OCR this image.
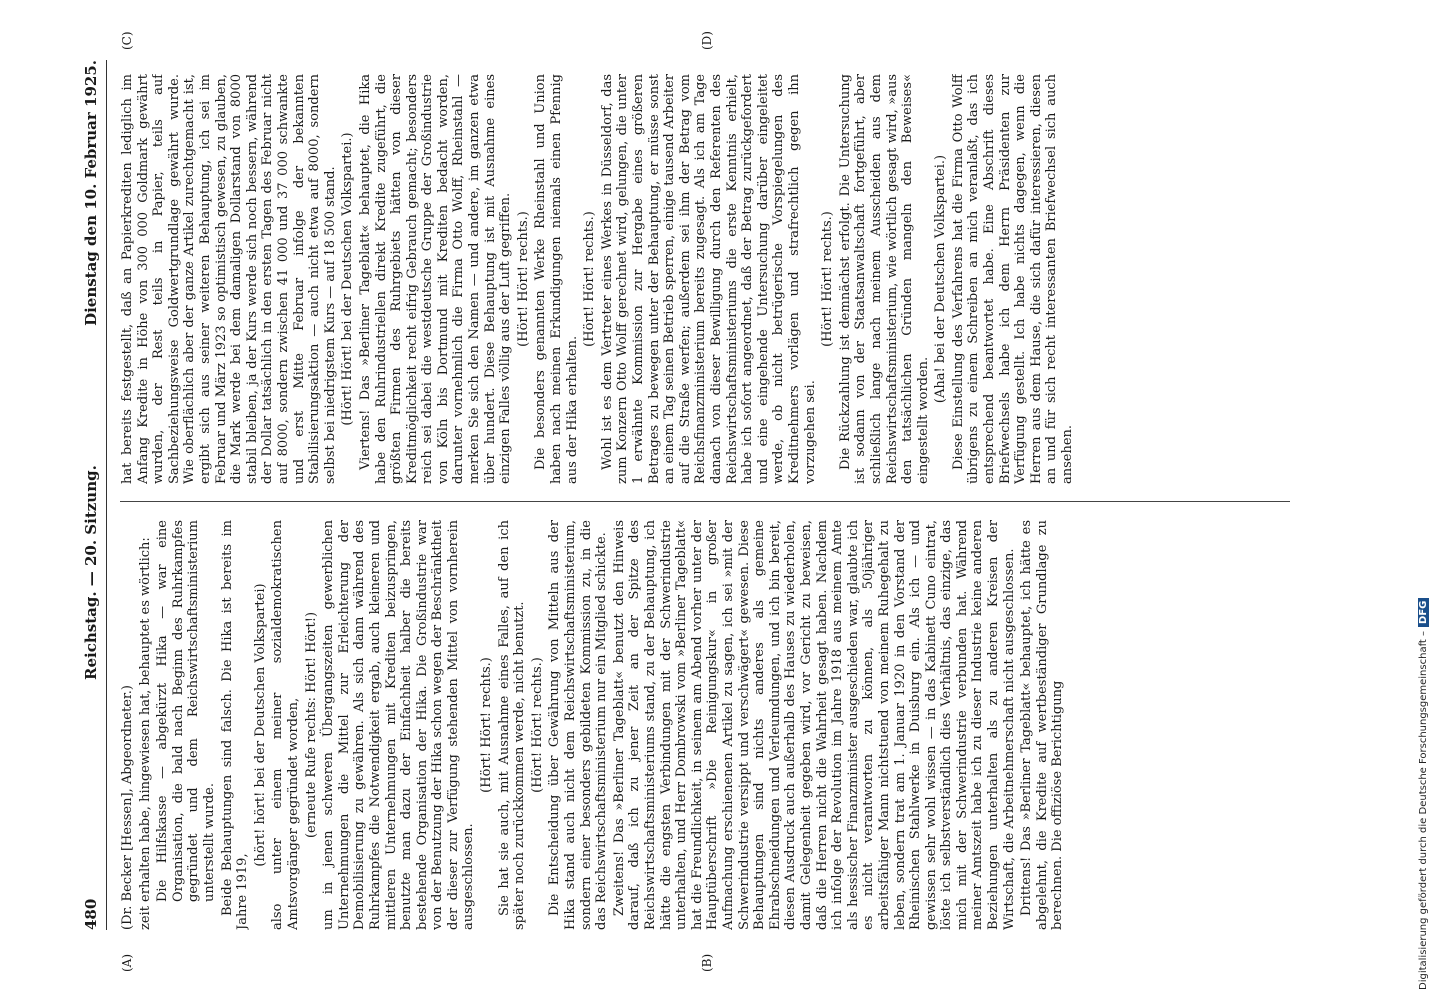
480
Reichstag. — 20. Sitzung.
Dienstag den 10. Februar 1925.
(A)	(B)
(C)	(D)

(Dr. Becker [Hessen], Abgeordneter.) zeit erhalten habe, hingewiesen hat, behauptet es wörtlich: Die Hilfskasse — abgekürzt Hika — war eine Organisation, die bald nach Beginn des Ruhrkampfes gegründet und dem Reichswirtschaftsministerium unterstellt wurde. Beide Behauptungen sind falsch. Die Hika ist bereits im Jahre 1919,

(hört! hört! bei der Deutschen Volkspartei) also unter einem meiner sozialdemokratischen Amtsvorgänger gegründet worden, (erneute Rufe rechts: Hört! Hört!) um in jenen schweren Übergangszeiten gewerblichen Unternehmungen die Mittel zur Erleichterung der Demobilisierung zu gewähren. Als sich dann während des Ruhrkampfes die Notwendigkeit ergab, auch kleineren und mittleren Unternehmungen mit Krediten beizuspringen, benutzte man dazu der Einfachheit halber die bereits bestehende Organisation der Hika. Die Großindustrie war von der Benutzung der Hika schon wegen der Beschränktheit der dieser zur Verfügung stehenden Mittel von vornherein ausgeschlossen.

(Hört! Hört! rechts.) Sie hat sie auch, mit Ausnahme eines Falles, auf den ich später noch zurückkommen werde, nicht benutzt. (Hört! Hört! rechts.) Die Entscheidung über Gewährung von Mitteln aus der Hika stand auch nicht dem Reichswirtschaftsministerium, sondern einer besonders gebildeten Kommission zu, in die das Reichswirtschaftsministerium nur ein Mitglied schickte. Zweitens! Das »Berliner Tageblatt« benutzt den Hinweis darauf, daß ich zu jener Zeit an der Spitze des Reichswirtschaftsministeriums stand, zu der Behauptung, ich hätte die engsten Verbindungen mit der Schwerindustrie unterhalten, und Herr Dombrowski vom »Berliner Tageblatt« hat die Freundlichkeit, in seinem am Abend vorher unter der Hauptüberschrift »Die Reinigungskur« in großer Aufmachung erschienenen Artikel zu sagen, ich sei »mit der Schwerindustrie versippt und verschwägert« gewesen. Diese Behauptungen sind nichts anderes als gemeine Ehrabschneidungen und Verleumdungen, und ich bin bereit, diesen Ausdruck auch außerhalb des Hauses zu wiederholen, damit Gelegenheit gegeben wird, vor Gericht zu beweisen, daß die Herren nicht die Wahrheit gesagt haben. Nachdem ich infolge der Revolution im Jahre 1918 aus meinem Amte als hessischer Finanzminister ausgeschieden war, glaubte ich es nicht verantworten zu können, als 50jähriger arbeitsfähiger Mann nichtstuend von meinem Ruhegehalt zu leben, sondern trat am 1. Januar 1920 in den Vorstand der Rheinischen Stahlwerke in Duisburg ein. Als ich — und gewissen sehr wohl wissen — in das Kabinett Cuno eintrat, löste ich selbstverständlich dies Verhältnis, das einzige, das mich mit der Schwerindustrie verbunden hat. Während meiner Amtszeit habe ich zu dieser Industrie keine anderen Beziehungen unterhalten als zu anderen Kreisen der Wirtschaft, die Arbeitnehmerschaft nicht ausgeschlossen. Drittens! Das »Berliner Tageblatt« behauptet, ich hätte es abgelehnt, die Kredite auf wertbeständiger Grundlage zu berechnen. Die offiziöse Berichtigung

hat bereits festgestellt, daß an Papierkrediten lediglich im Anfang Kredite in Höhe von 300 000 Goldmark gewährt wurden, der Rest teils in Papier, teils auf Sachbeziehungsweise Goldwertgrundlage gewährt wurde. Wie oberflächlich aber der ganze Artikel zurechtgemacht ist, ergibt sich aus seiner weiteren Behauptung, ich sei im Februar und März 1923 so optimistisch gewesen, zu glauben, die Mark werde bei dem damaligen Dollarstand von 8000 stabil bleiben, ja der Kurs werde sich noch bessern, während der Dollar tatsächlich in den ersten Tagen des Februar nicht auf 8000, sondern zwischen 41 000 und 37 000 schwankte und erst Mitte Februar infolge der bekannten Stabilisierungsaktion — auch nicht etwa auf 8000, sondern selbst bei niedrigstem Kurs — auf 18 500 stand. (Hört! Hört! bei der Deutschen Volkspartei.) Viertens! Das »Berliner Tageblatt« behauptet, die Hika habe den Ruhrindustriellen direkt Kredite zugeführt, die größten Firmen des Ruhrgebiets hätten von dieser Kreditmöglichkeit recht eifrig Gebrauch gemacht; besonders reich sei dabei die westdeutsche Gruppe der Großindustrie von Köln bis Dortmund mit Krediten bedacht worden, darunter vornehmlich die Firma Otto Wolff, Rheinstahl — merken Sie sich den Namen — und andere, im ganzen etwa über hundert. Diese Behauptung ist mit Ausnahme eines einzigen Falles völlig aus der Luft gegriffen. (Hört! Hört! rechts.) Die besonders genannten Werke Rheinstahl und Union haben nach meinen Erkundigungen niemals einen Pfennig aus der Hika erhalten.

(Hört! Hört! rechts.) Wohl ist es dem Vertreter eines Werkes in Düsseldorf, das zum Konzern Otto Wolff gerechnet wird, gelungen, die unter 1 erwähnte Kommission zur Hergabe eines größeren Betrages zu bewegen unter der Behauptung, er müsse sonst an einem Tag seinen Betrieb sperren, einige tausend Arbeiter auf die Straße werfen; außerdem sei ihm der Betrag vom Reichsfinanzministerium bereits zugesagt. Als ich am Tage danach von dieser Bewilligung durch den Referenten des Reichswirtschaftsministeriums die erste Kenntnis erhielt, habe ich sofort angeordnet, daß der Betrag zurückgefordert und eine eingehende Untersuchung darüber eingeleitet werde, ob nicht betrügerische Vorspiegelungen des Kreditnehmers vorlägen und strafrechtlich gegen ihn vorzugehen sei.

(Hört! Hört! rechts.) Die Rückzahlung ist demnächst erfolgt. Die Untersuchung ist sodann von der Staatsanwaltschaft fortgeführt, aber schließlich lange nach meinem Ausscheiden aus dem Reichswirtschaftsministerium, wie wörtlich gesagt wird, »aus den tatsächlichen Gründen mangeln den Beweises« eingestellt worden.

(Aha! bei der Deutschen Volkspartei.) Diese Einstellung des Verfahrens hat die Firma Otto Wolff übrigens zu einem Schreiben an mich veranlaßt, das ich entsprechend beantwortet habe. Eine Abschrift dieses Briefwechsels habe ich dem Herrn Präsidenten zur Verfügung gestellt. Ich habe nichts dagegen, wenn die Herren aus dem Hause, die sich dafür interessieren, diesen an und für sich recht interessanten Briefwechsel sich auch ansehen.

Digitalisierung gefördert durch die Deutsche Forschungsgemeinschaft –DFG
